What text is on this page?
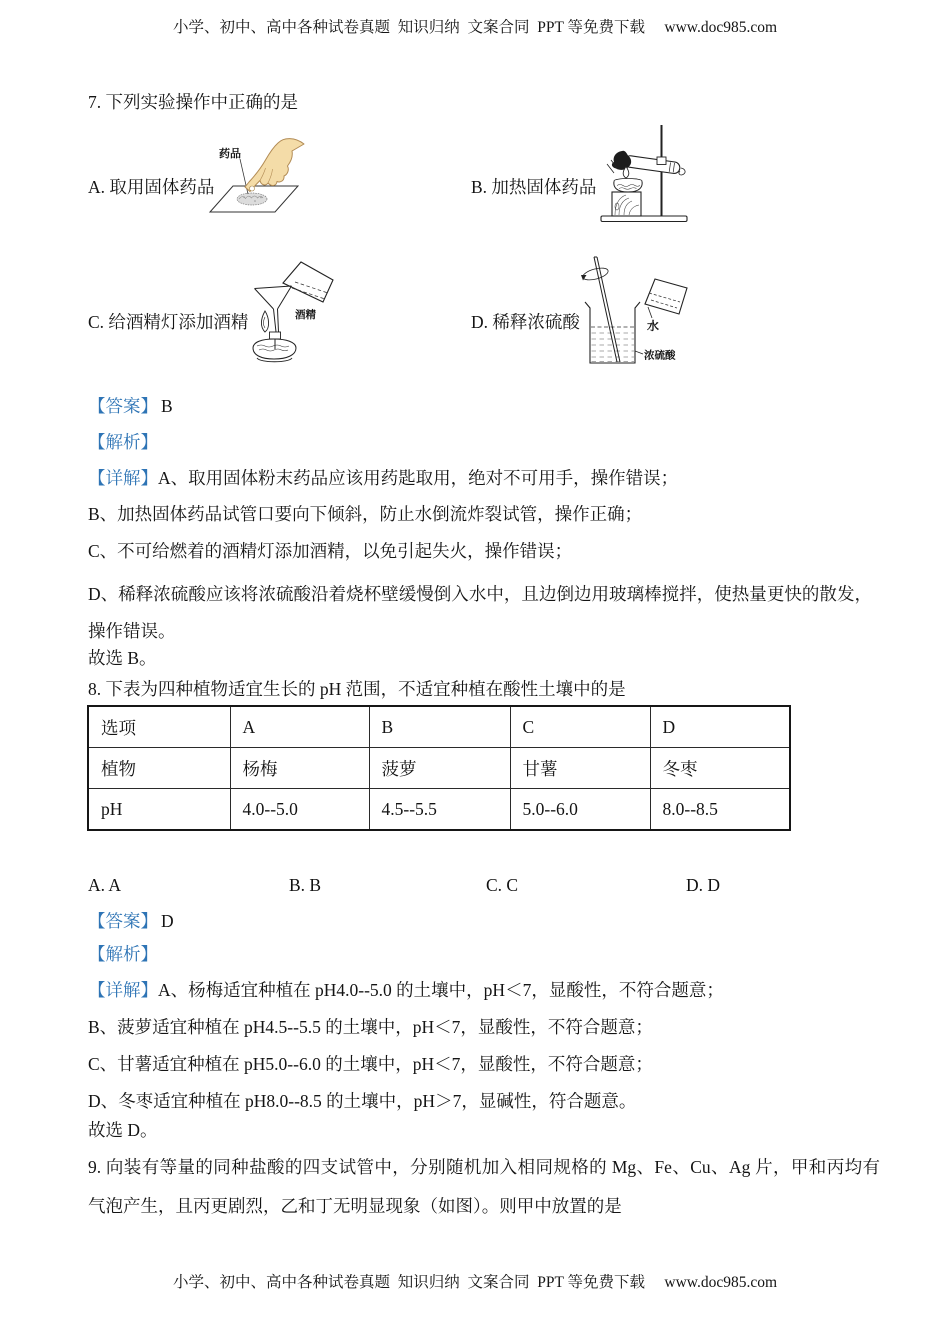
小学、初中、高中各种试卷真题  知识归纳  文案合同  PPT 等免费下载     www.doc985.com
7. 下列实验操作中正确的是
A. 取用固体药品	B. 加热固体药品
C. 给酒精灯添加酒精	D. 稀释浓硫酸
药品
酒精
水
浓硫酸
【答案】 B
【解析】
【详解】A、取用固体粉末药品应该用药匙取用，绝对不可用手，操作错误；
B、加热固体药品试管口要向下倾斜，防止水倒流炸裂试管，操作正确；
C、不可给燃着的酒精灯添加酒精，以免引起失火，操作错误；
D、稀释浓硫酸应该将浓硫酸沿着烧杯壁缓慢倒入水中，且边倒边用玻璃棒搅拌，使热量更快的散发，操作错误。
故选 B。
8. 下表为四种植物适宜生长的 pH 范围，不适宜种植在酸性土壤中的是
选项	A	B	C	D
植物	杨梅	菠萝	甘薯	冬枣
pH	4.0--5.0	4.5--5.5	5.0--6.0	8.0--8.5
A. A	B. B	C. C	D. D
【答案】 D
【解析】
【详解】A、杨梅适宜种植在 pH4.0--5.0 的土壤中，pH＜7，显酸性，不符合题意；
B、菠萝适宜种植在 pH4.5--5.5 的土壤中，pH＜7，显酸性，不符合题意；
C、甘薯适宜种植在 pH5.0--6.0 的土壤中，pH＜7，显酸性，不符合题意；
D、冬枣适宜种植在 pH8.0--8.5 的土壤中，pH＞7，显碱性，符合题意。
故选 D。
9. 向装有等量的同种盐酸的四支试管中，分别随机加入相同规格的 Mg、Fe、Cu、Ag 片，甲和丙均有气泡产生，且丙更剧烈，乙和丁无明显现象（如图）。则甲中放置的是
小学、初中、高中各种试卷真题  知识归纳  文案合同  PPT 等免费下载     www.doc985.com
